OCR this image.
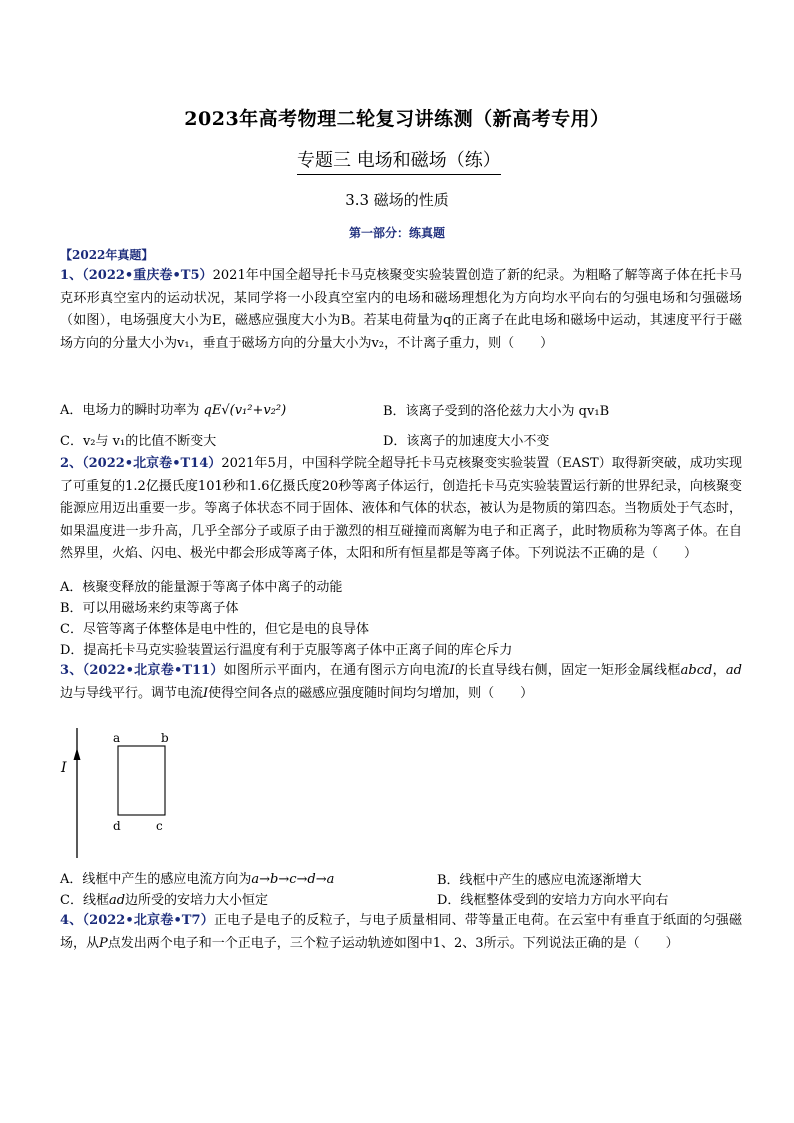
2023年高考物理二轮复习讲练测（新高考专用）
专题三 电场和磁场（练）
3.3 磁场的性质
第一部分：练真题
【2022年真题】
1、（2022•重庆卷•T5）2021年中国全超导托卡马克核聚变实验装置创造了新的纪录。为粗略了解等离子体在托卡马克环形真空室内的运动状况，某同学将一小段真空室内的电场和磁场理想化为方向均水平向右的匀强电场和匀强磁场（如图），电场强度大小为E，磁感应强度大小为B。若某电荷量为q的正离子在此电场和磁场中运动，其速度平行于磁场方向的分量大小为v₁，垂直于磁场方向的分量大小为v₂，不计离子重力，则（　　）
A．电场力的瞬时功率为 qE√(v₁²+v₂²)	B．该离子受到的洛伦兹力大小为 qv₁B
C．v₂与 v₁的比值不断变大	D．该离子的加速度大小不变
2、（2022•北京卷•T14）2021年5月，中国科学院全超导托卡马克核聚变实验装置（EAST）取得新突破，成功实现了可重复的1.2亿摄氏度101秒和1.6亿摄氏度20秒等离子体运行，创造托卡马克实验装置运行新的世界纪录，向核聚变能源应用迈出重要一步。等离子体状态不同于固体、液体和气体的状态，被认为是物质的第四态。当物质处于气态时，如果温度进一步升高，几乎全部分子或原子由于激烈的相互碰撞而离解为电子和正离子，此时物质称为等离子体。在自然界里，火焰、闪电、极光中都会形成等离子体，太阳和所有恒星都是等离子体。下列说法不正确的是（　　）
A．核聚变释放的能量源于等离子体中离子的动能
B．可以用磁场来约束等离子体
C．尽管等离子体整体是电中性的，但它是电的良导体
D．提高托卡马克实验装置运行温度有利于克服等离子体中正离子间的库仑斥力
3、（2022•北京卷•T11）如图所示平面内，在通有图示方向电流I的长直导线右侧，固定一矩形金属线框abcd，ad边与导线平行。调节电流I使得空间各点的磁感应强度随时间均匀增加，则（　　）
I
a	b
c
d
A．线框中产生的感应电流方向为a→b→c→d→a	B．线框中产生的感应电流逐渐增大
C．线框ad边所受的安培力大小恒定	D．线框整体受到的安培力方向水平向右
4、（2022•北京卷•T7）正电子是电子的反粒子，与电子质量相同、带等量正电荷。在云室中有垂直于纸面的匀强磁场，从P点发出两个电子和一个正电子，三个粒子运动轨迹如图中1、2、3所示。下列说法正确的是（　　）
